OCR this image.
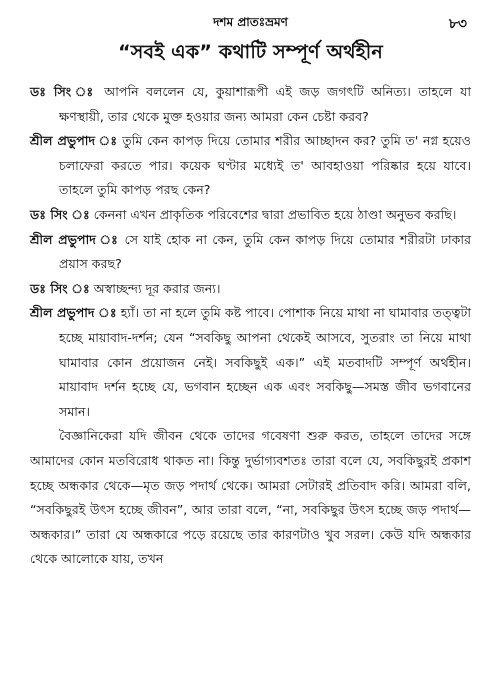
দশম প্রাতঃভ্রমণ	৮৩
“সবই এক” কথাটি সম্পূর্ণ অর্থহীন

ডঃ সিং ঃ আপনি বললেন যে, কুয়াশারূপী এই জড় জগৎটি অনিত্য। তাহলে যা ক্ষণস্থায়ী, তার থেকে মুক্ত হওয়ার জন্য আমরা কেন চেষ্টা করব?

শ্রীল প্রভুপাদ ঃ তুমি কেন কাপড় দিয়ে তোমার শরীর আচ্ছাদন কর? তুমি ত' নগ্ন হয়েও চলাফেরা করতে পার। কয়েক ঘণ্টার মধ্যেই ত' আবহাওয়া পরিষ্কার হয়ে যাবে। তাহলে তুমি কাপড় পরছ কেন?

ডঃ সিং ঃ কেননা এখন প্রাকৃতিক পরিবেশের দ্বারা প্রভাবিত হয়ে ঠাণ্ডা অনুভব করছি।

শ্রীল প্রভুপাদ ঃ সে যাই হোক না কেন, তুমি কেন কাপড় দিয়ে তোমার শরীরটা ঢাকার প্রয়াস করছ?

ডঃ সিং ঃ অস্বাচ্ছন্দ্য দূর করার জন্য।

শ্রীল প্রভুপাদ ঃ হ্যাঁ। তা না হলে তুমি কষ্ট পাবে। পোশাক নিয়ে মাথা না ঘামাবার তত্ত্বটা হচ্ছে মায়াবাদ-দর্শন; যেন “সবকিছু আপনা থেকেই আসবে, সুতরাং তা নিয়ে মাথা ঘামাবার কোন প্রয়োজন নেই। সবকিছুই এক।” এই মতবাদটি সম্পূর্ণ অর্থহীন। মায়াবাদ দর্শন হচ্ছে যে, ভগবান হচ্ছেন এক এবং সবকিছু—সমস্ত জীব ভগবানের সমান।

বৈজ্ঞানিকেরা যদি জীবন থেকে তাদের গবেষণা শুরু করত, তাহলে তাদের সঙ্গে আমাদের কোন মতবিরোধ থাকত না। কিন্তু দুর্ভাগ্যবশতঃ তারা বলে যে, সবকিছুরই প্রকাশ হচ্ছে অন্ধকার থেকে—মৃত জড় পদার্থ থেকে। আমরা সেটারই প্রতিবাদ করি। আমরা বলি, “সবকিছুরই উৎস হচ্ছে জীবন”, আর তারা বলে, “না, সবকিছুর উৎস হচ্ছে জড় পদার্থ—অন্ধকার।” তারা যে অন্ধকারে পড়ে রয়েছে তার কারণটাও খুব সরল। কেউ যদি অন্ধকার থেকে আলোকে যায়, তখন
